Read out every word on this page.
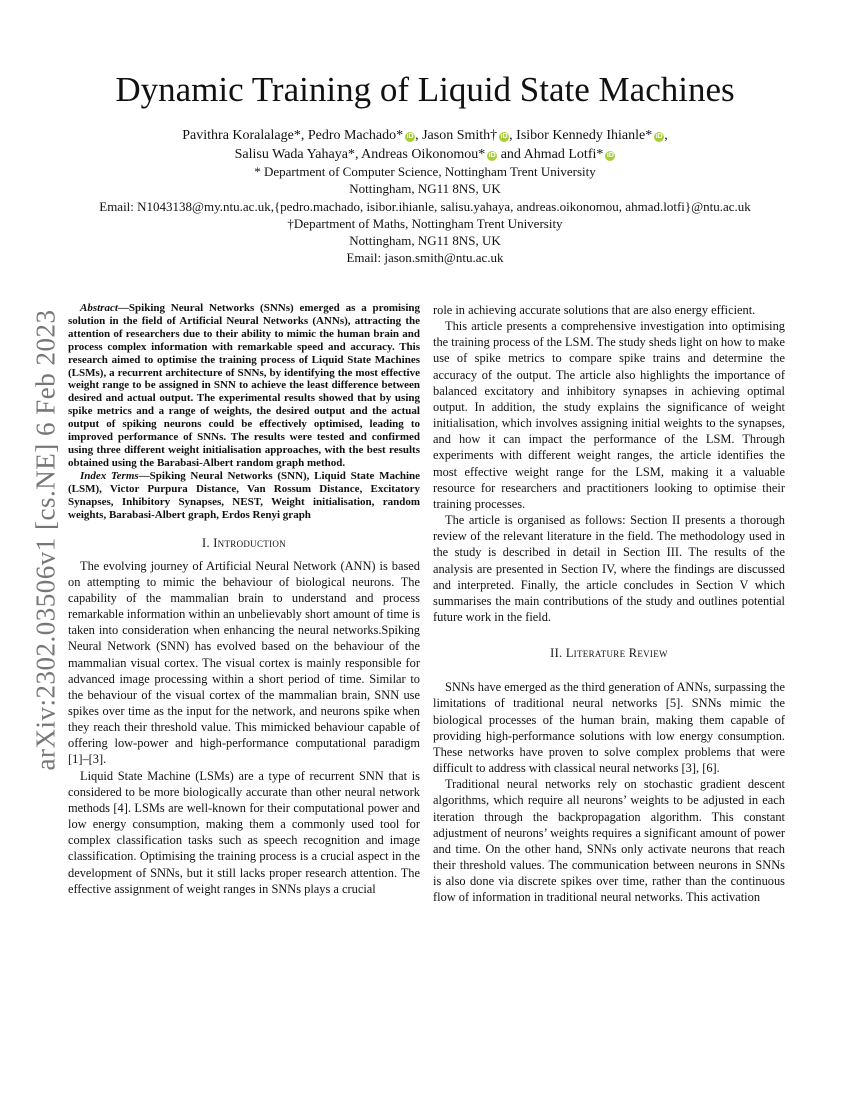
Dynamic Training of Liquid State Machines
Pavithra Koralalage*, Pedro Machado* iD , Jason Smith† iD , Isibor Kennedy Ihianle* iD ,
Salisu Wada Yahaya*, Andreas Oikonomou* iD and Ahmad Lotfi* iD
* Department of Computer Science, Nottingham Trent University
Nottingham, NG11 8NS, UK
Email: N1043138@my.ntu.ac.uk,{pedro.machado, isibor.ihianle, salisu.yahaya, andreas.oikonomou, ahmad.lotfi}@ntu.ac.uk
†Department of Maths, Nottingham Trent University
Nottingham, NG11 8NS, UK
Email: jason.smith@ntu.ac.uk
arXiv:2302.03506v1 [cs.NE] 6 Feb 2023

Abstract—Spiking Neural Networks (SNNs) emerged as a promising solution in the field of Artificial Neural Networks (ANNs), attracting the attention of researchers due to their ability to mimic the human brain and process complex information with remarkable speed and accuracy. This research aimed to optimise the training process of Liquid State Machines (LSMs), a recurrent architecture of SNNs, by identifying the most effective weight range to be assigned in SNN to achieve the least difference between desired and actual output. The experimental results showed that by using spike metrics and a range of weights, the desired output and the actual output of spiking neurons could be effectively optimised, leading to improved performance of SNNs. The results were tested and confirmed using three different weight initialisation approaches, with the best results obtained using the Barabasi-Albert random graph method.

Index Terms—Spiking Neural Networks (SNN), Liquid State Machine (LSM), Victor Purpura Distance, Van Rossum Distance, Excitatory Synapses, Inhibitory Synapses, NEST, Weight initialisation, random weights, Barabasi-Albert graph, Erdos Renyi graph

I. Introduction

The evolving journey of Artificial Neural Network (ANN) is based on attempting to mimic the behaviour of biological neurons. The capability of the mammalian brain to understand and process remarkable information within an unbelievably short amount of time is taken into consideration when enhancing the neural networks.Spiking Neural Network (SNN) has evolved based on the behaviour of the mammalian visual cortex. The visual cortex is mainly responsible for advanced image processing within a short period of time. Similar to the behaviour of the visual cortex of the mammalian brain, SNN use spikes over time as the input for the network, and neurons spike when they reach their threshold value. This mimicked behaviour capable of offering low-power and high-performance computational paradigm [1]–[3].

Liquid State Machine (LSMs) are a type of recurrent SNN that is considered to be more biologically accurate than other neural network methods [4]. LSMs are well-known for their computational power and low energy consumption, making them a commonly used tool for complex classification tasks such as speech recognition and image classification. Optimising the training process is a crucial aspect in the development of SNNs, but it still lacks proper research attention. The effective assignment of weight ranges in SNNs plays a crucial

role in achieving accurate solutions that are also energy efficient.

This article presents a comprehensive investigation into optimising the training process of the LSM. The study sheds light on how to make use of spike metrics to compare spike trains and determine the accuracy of the output. The article also highlights the importance of balanced excitatory and inhibitory synapses in achieving optimal output. In addition, the study explains the significance of weight initialisation, which involves assigning initial weights to the synapses, and how it can impact the performance of the LSM. Through experiments with different weight ranges, the article identifies the most effective weight range for the LSM, making it a valuable resource for researchers and practitioners looking to optimise their training processes.

The article is organised as follows: Section II presents a thorough review of the relevant literature in the field. The methodology used in the study is described in detail in Section III. The results of the analysis are presented in Section IV, where the findings are discussed and interpreted. Finally, the article concludes in Section V which summarises the main contributions of the study and outlines potential future work in the field.

II. Literature Review

SNNs have emerged as the third generation of ANNs, surpassing the limitations of traditional neural networks [5]. SNNs mimic the biological processes of the human brain, making them capable of providing high-performance solutions with low energy consumption. These networks have proven to solve complex problems that were difficult to address with classical neural networks [3], [6].

Traditional neural networks rely on stochastic gradient descent algorithms, which require all neurons’ weights to be adjusted in each iteration through the backpropagation algorithm. This constant adjustment of neurons’ weights requires a significant amount of power and time. On the other hand, SNNs only activate neurons that reach their threshold values. The communication between neurons in SNNs is also done via discrete spikes over time, rather than the continuous flow of information in traditional neural networks. This activation
